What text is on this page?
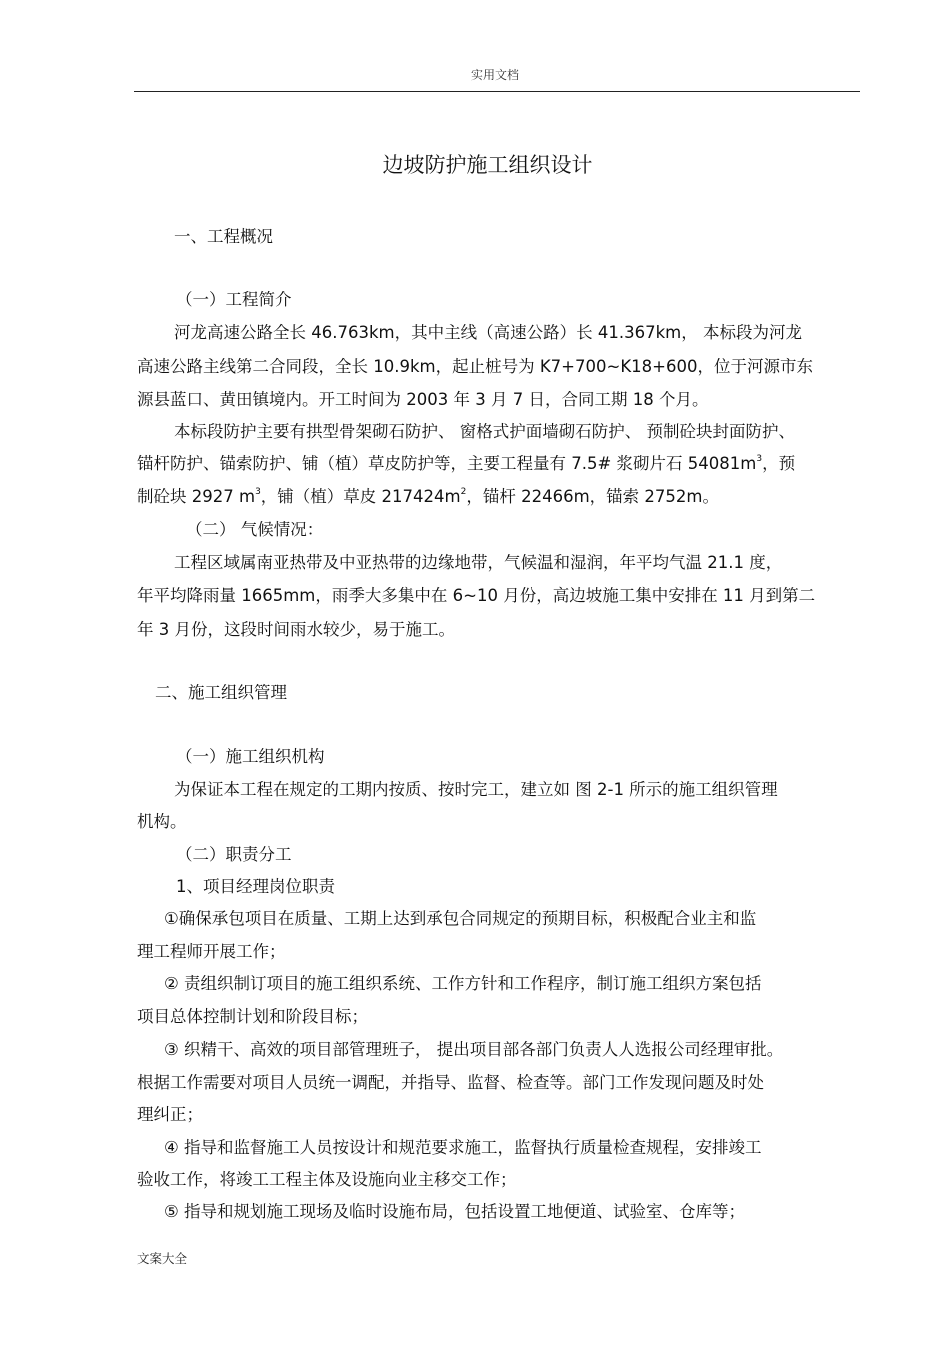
实用文档
边坡防护施工组织设计

一、工程概况

（一）工程简介

河龙高速公路全长 46.763km，其中主线（高速公路）长 41.367km， 本标段为河龙

高速公路主线第二合同段，全长 10.9km，起止桩号为 K7+700~K18+600，位于河源市东

源县蓝口、黄田镇境内。开工时间为 2003 年 3 月 7 日，合同工期 18 个月。

本标段防护主要有拱型骨架砌石防护、 窗格式护面墙砌石防护、 预制砼块封面防护、

锚杆防护、锚索防护、铺（植）草皮防护等，主要工程量有 7.5# 浆砌片石 $54081m^3$，预

制砼块 2927 $m^3$，铺（植）草皮 $217424m^2$，锚杆 22466m，锚索 2752m。

（二） 气候情况：

工程区域属南亚热带及中亚热带的边缘地带，气候温和湿润，年平均气温 21.1 度，

年平均降雨量 1665mm，雨季大多集中在 6~10 月份，高边坡施工集中安排在 11 月到第二

年 3 月份，这段时间雨水较少，易于施工。

二、施工组织管理

（一）施工组织机构

为保证本工程在规定的工期内按质、按时完工，建立如 图 2-1 所示的施工组织管理

机构。

（二）职责分工

1、项目经理岗位职责

①确保承包项目在质量、工期上达到承包合同规定的预期目标，积极配合业主和监

理工程师开展工作；

② 责组织制订项目的施工组织系统、工作方针和工作程序，制订施工组织方案包括

项目总体控制计划和阶段目标；

③ 织精干、高效的项目部管理班子， 提出项目部各部门负责人人选报公司经理审批。

根据工作需要对项目人员统一调配，并指导、监督、检查等。部门工作发现问题及时处

理纠正；

④ 指导和监督施工人员按设计和规范要求施工，监督执行质量检查规程，安排竣工

验收工作，将竣工工程主体及设施向业主移交工作；

⑤ 指导和规划施工现场及临时设施布局，包括设置工地便道、试验室、仓库等；

文案大全
